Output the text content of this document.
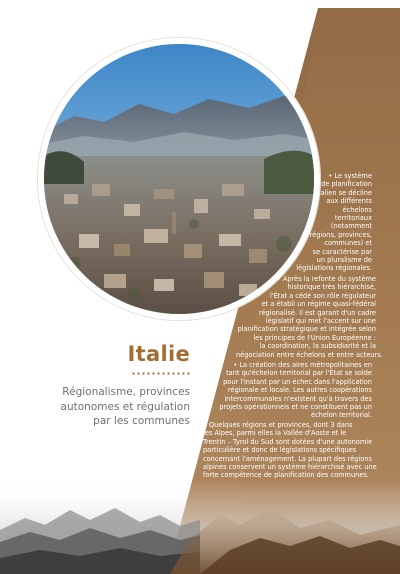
Italie
Régionalisme, provinces
autonomes et régulation
par les communes
• Le système
de planification
italien se décline
aux différents
échelons
territoriaux
(notamment
régions, provinces,
communes) et
se caractérise par
un pluralisme de
législations régionales.
• Après la refonte du système
historique très hiérarchisé,
l'État a cédé son rôle régulateur
et a établi un régime quasi-fédéral
régionalisé. Il est garant d'un cadre
législatif qui met l'accent sur une
planification stratégique et intégrée selon
les principes de l'Union Européenne :
la coordination, la subsidiarité et la
négociation entre échelons et entre acteurs.
• La création des aires métropolitaines en
tant qu'échelon territorial par l'État se solde
pour l'instant par un échec dans l'application
régionale et locale. Les autres coopérations
intercommunales n'existent qu'à travers des
projets opérationnels et ne constituent pas un
échelon territorial.
• Quelques régions et provinces, dont 3 dans
les Alpes, parmi elles la Vallée d'Aoste et le
Trentin – Tyrol du Sud sont dotées d'une autonomie
particulière et donc de législations spécifiques
concernant l'aménagement. La plupart des régions
alpines conservent un système hiérarchisé avec une
forte compétence de planification des communes.
